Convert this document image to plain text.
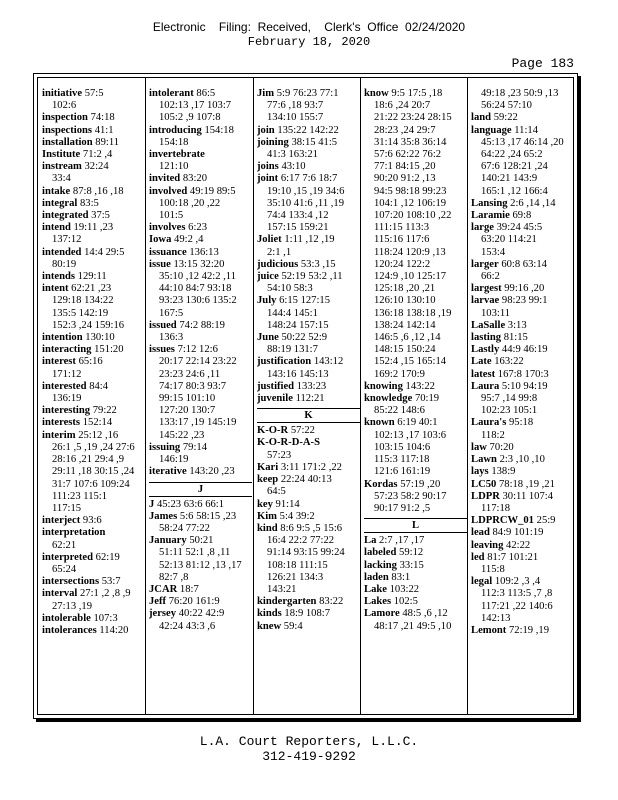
Electronic    Filing:  Received,    Clerk's  Office  02/24/2020
February 18, 2020
Page 183
initiative 57:5
102:6
inspection 74:18
inspections 41:1
installation 89:11
Institute 71:2 ,4
instream 32:24
33:4
intake 87:8 ,16 ,18
integral 83:5
integrated 37:5
intend 19:11 ,23
137:12
intended 14:4 29:5
80:19
intends 129:11
intent 62:21 ,23
129:18 134:22
135:5 142:19
152:3 ,24 159:16
intention 130:10
interacting 151:20
interest 65:16
171:12
interested 84:4
136:19
interesting 79:22
interests 152:14
interim 25:12 ,16
26:1 ,5 ,19 ,24 27:6
28:16 ,21 29:4 ,9
29:11 ,18 30:15 ,24
31:7 107:6 109:24
111:23 115:1
117:15
interject 93:6
interpretation
62:21
interpreted 62:19
65:24
intersections 53:7
interval 27:1 ,2 ,8 ,9
27:13 ,19
intolerable 107:3
intolerances 114:20
intolerant 86:5
102:13 ,17 103:7
105:2 ,9 107:8
introducing 154:18
154:18
invertebrate
121:10
invited 83:20
involved 49:19 89:5
100:18 ,20 ,22
101:5
involves 6:23
Iowa 49:2 ,4
issuance 136:13
issue 13:15 32:20
35:10 ,12 42:2 ,11
44:10 84:7 93:18
93:23 130:6 135:2
167:5
issued 74:2 88:19
136:3
issues 7:12 12:6
20:17 22:14 23:22
23:23 24:6 ,11
74:17 80:3 93:7
99:15 101:10
127:20 130:7
133:17 ,19 145:19
145:22 ,23
issuing 79:14
146:19
iterative 143:20 ,23
J
J 45:23 63:6 66:1
James 5:6 58:15 ,23
58:24 77:22
January 50:21
51:11 52:1 ,8 ,11
52:13 81:12 ,13 ,17
82:7 ,8
JCAR 18:7
Jeff 76:20 161:9
jersey 40:22 42:9
42:24 43:3 ,6
Jim 5:9 76:23 77:1
77:6 ,18 93:7
134:10 155:7
join 135:22 142:22
joining 38:15 41:5
41:3 163:21
joins 43:10
joint 6:17 7:6 18:7
19:10 ,15 ,19 34:6
35:10 41:6 ,11 ,19
74:4 133:4 ,12
157:15 159:21
Joliet 1:11 ,12 ,19
2:1 ,1
judicious 53:3 ,15
juice 52:19 53:2 ,11
54:10 58:3
July 6:15 127:15
144:4 145:1
148:24 157:15
June 50:22 52:9
88:19 131:7
justification 143:12
143:16 145:13
justified 133:23
juvenile 112:21
K
K-O-R 57:22
K-O-R-D-A-S
57:23
Kari 3:11 171:2 ,22
keep 22:24 40:13
64:5
key 91:14
Kim 5:4 39:2
kind 8:6 9:5 ,5 15:6
16:4 22:2 77:22
91:14 93:15 99:24
108:18 111:15
126:21 134:3
143:21
kindergarten 83:22
kinds 18:9 108:7
knew 59:4
know 9:5 17:5 ,18
18:6 ,24 20:7
21:22 23:24 28:15
28:23 ,24 29:7
31:14 35:8 36:14
57:6 62:22 76:2
77:1 84:15 ,20
90:20 91:2 ,13
94:5 98:18 99:23
104:1 ,12 106:19
107:20 108:10 ,22
111:15 113:3
115:16 117:6
118:24 120:9 ,13
120:24 122:2
124:9 ,10 125:17
125:18 ,20 ,21
126:10 130:10
136:18 138:18 ,19
138:24 142:14
146:5 ,6 ,12 ,14
148:15 150:24
152:4 ,15 165:14
169:2 170:9
knowing 143:22
knowledge 70:19
85:22 148:6
known 6:19 40:1
102:13 ,17 103:6
103:15 104:6
115:3 117:18
121:6 161:19
Kordas 57:19 ,20
57:23 58:2 90:17
90:17 91:2 ,5
L
La 2:7 ,17 ,17
labeled 59:12
lacking 33:15
laden 83:1
Lake 103:22
Lakes 102:5
Lamore 48:5 ,6 ,12
48:17 ,21 49:5 ,10
49:18 ,23 50:9 ,13
56:24 57:10
land 59:22
language 11:14
45:13 ,17 46:14 ,20
64:22 ,24 65:2
67:6 128:21 ,24
140:21 143:9
165:1 ,12 166:4
Lansing 2:6 ,14 ,14
Laramie 69:8
large 39:24 45:5
63:20 114:21
153:4
larger 60:8 63:14
66:2
largest 99:16 ,20
larvae 98:23 99:1
103:11
LaSalle 3:13
lasting 81:15
Lastly 44:9 46:19
Late 163:22
latest 167:8 170:3
Laura 5:10 94:19
95:7 ,14 99:8
102:23 105:1
Laura's 95:18
118:2
law 70:20
Lawn 2:3 ,10 ,10
lays 138:9
LC50 78:18 ,19 ,21
LDPR 30:11 107:4
117:18
LDPRCW_01 25:9
lead 84:9 101:19
leaving 42:22
led 81:7 101:21
115:8
legal 109:2 ,3 ,4
112:3 113:5 ,7 ,8
117:21 ,22 140:6
142:13
Lemont 72:19 ,19
L.A. Court Reporters, L.L.C.
312-419-9292
